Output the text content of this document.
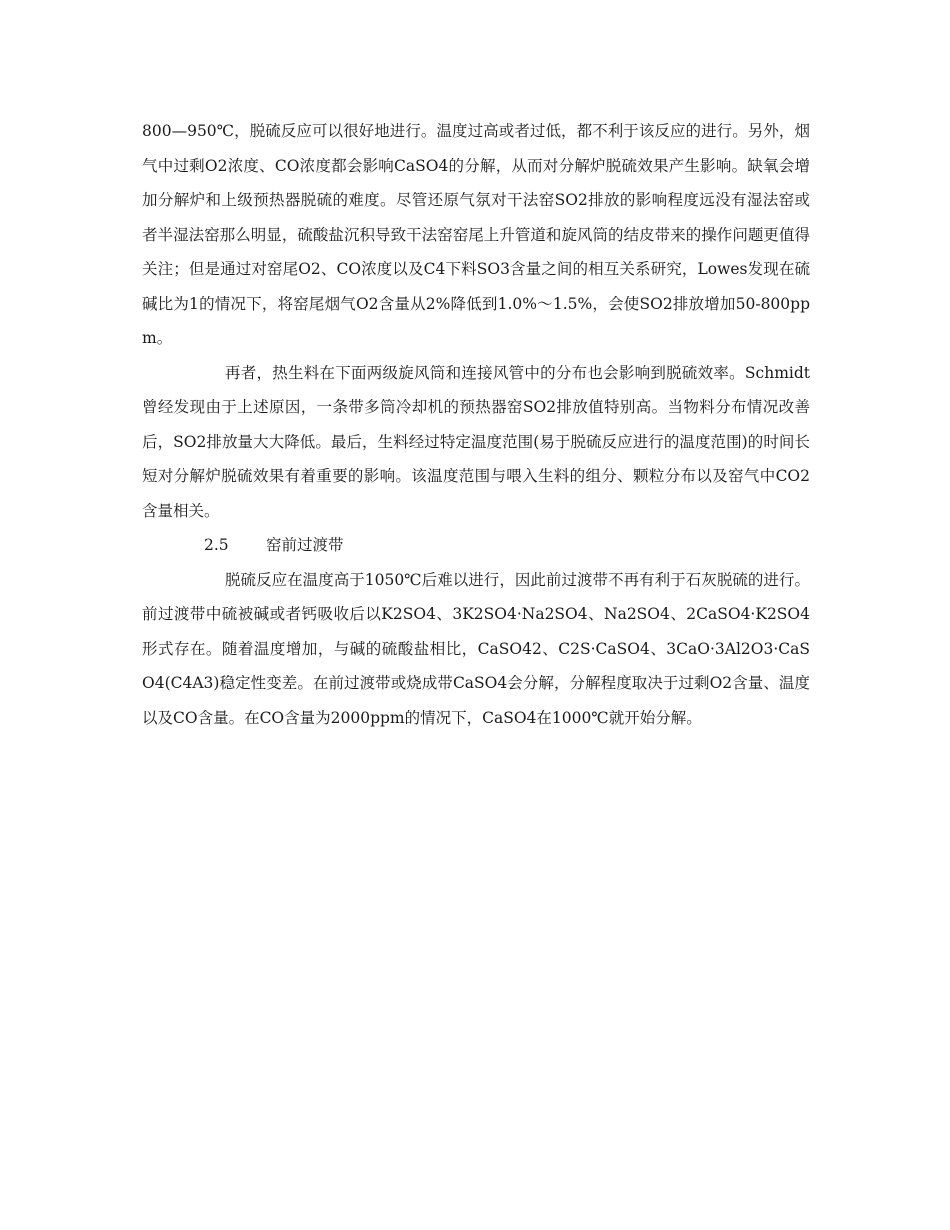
800—950℃，脱硫反应可以很好地进行。温度过高或者过低，都不利于该反应的进行。另外，烟气中过剩O2浓度、CO浓度都会影响CaSO4的分解，从而对分解炉脱硫效果产生影响。缺氧会增加分解炉和上级预热器脱硫的难度。尽管还原气氛对干法窑SO2排放的影响程度远没有湿法窑或者半湿法窑那么明显，硫酸盐沉积导致干法窑窑尾上升管道和旋风筒的结皮带来的操作问题更值得关注；但是通过对窑尾O2、CO浓度以及C4下料SO3含量之间的相互关系研究，Lowes发现在硫碱比为1的情况下，将窑尾烟气O2含量从2%降低到1.0%～1.5%，会使SO2排放增加50-800ppm。

再者，热生料在下面两级旋风筒和连接风管中的分布也会影响到脱硫效率。Schmidt曾经发现由于上述原因，一条带多筒冷却机的预热器窑SO2排放值特别高。当物料分布情况改善后，SO2排放量大大降低。最后，生料经过特定温度范围(易于脱硫反应进行的温度范围)的时间长短对分解炉脱硫效果有着重要的影响。该温度范围与喂入生料的组分、颗粒分布以及窑气中CO2含量相关。

2.5 窑前过渡带

脱硫反应在温度高于1050℃后难以进行，因此前过渡带不再有利于石灰脱硫的进行。前过渡带中硫被碱或者钙吸收后以K2SO4、3K2SO4·Na2SO4、Na2SO4、2CaSO4·K2SO4形式存在。随着温度增加，与碱的硫酸盐相比，CaSO42、C2S·CaSO4、3CaO·3Al2O3·CaSO4(C4A3)稳定性变差。在前过渡带或烧成带CaSO4会分解，分解程度取决于过剩O2含量、温度以及CO含量。在CO含量为2000ppm的情况下，CaSO4在1000℃就开始分解。
